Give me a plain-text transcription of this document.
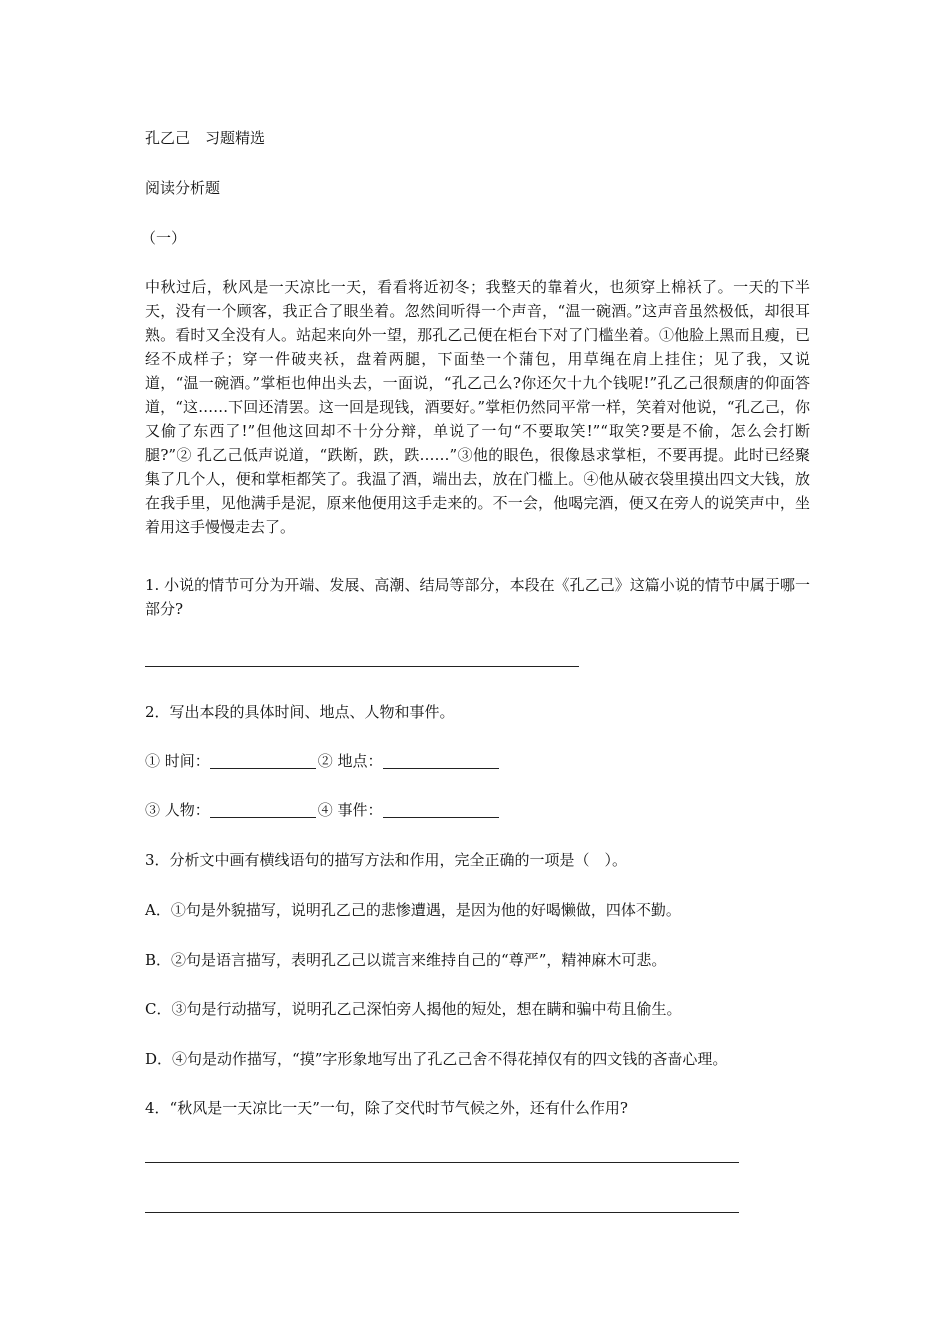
孔乙己　习题精选
阅读分析题
（一）
中秋过后，秋风是一天凉比一天，看看将近初冬；我整天的靠着火，也须穿上棉袄了。一天的下半天，没有一个顾客，我正合了眼坐着。忽然间听得一个声音，“温一碗酒。”这声音虽然极低，却很耳熟。看时又全没有人。站起来向外一望，那孔乙己便在柜台下对了门槛坐着。①他脸上黑而且瘦，已经不成样子；穿一件破夹袄，盘着两腿，下面垫一个蒲包，用草绳在肩上挂住；见了我，又说道，“温一碗酒。”掌柜也伸出头去，一面说，“孔乙己么?你还欠十九个钱呢!”孔乙己很颓唐的仰面答道，“这……下回还清罢。这一回是现钱，酒要好。”掌柜仍然同平常一样，笑着对他说，“孔乙己，你又偷了东西了!”但他这回却不十分分辩，单说了一句“不要取笑!”“取笑?要是不偷，怎么会打断腿?”② 孔乙己低声说道，“跌断，跌，跌……”③他的眼色，很像恳求掌柜，不要再提。此时已经聚集了几个人，便和掌柜都笑了。我温了酒，端出去，放在门槛上。④他从破衣袋里摸出四文大钱，放在我手里，见他满手是泥，原来他便用这手走来的。不一会，他喝完酒，便又在旁人的说笑声中，坐着用这手慢慢走去了。
1. 小说的情节可分为开端、发展、高潮、结局等部分，本段在《孔乙己》这篇小说的情节中属于哪一部分?
2．写出本段的具体时间、地点、人物和事件。
① 时间：	② 地点：
③ 人物：	④ 事件：
3．分析文中画有横线语句的描写方法和作用，完全正确的一项是（　）。
A．①句是外貌描写，说明孔乙己的悲惨遭遇，是因为他的好喝懒做，四体不勤。
B．②句是语言描写，表明孔乙己以谎言来维持自己的“尊严”，精神麻木可悲。
C．③句是行动描写，说明孔乙己深怕旁人揭他的短处，想在瞒和骗中苟且偷生。
D．④句是动作描写，“摸”字形象地写出了孔乙己舍不得花掉仅有的四文钱的吝啬心理。
4．“秋风是一天凉比一天”一句，除了交代时节气候之外，还有什么作用?
